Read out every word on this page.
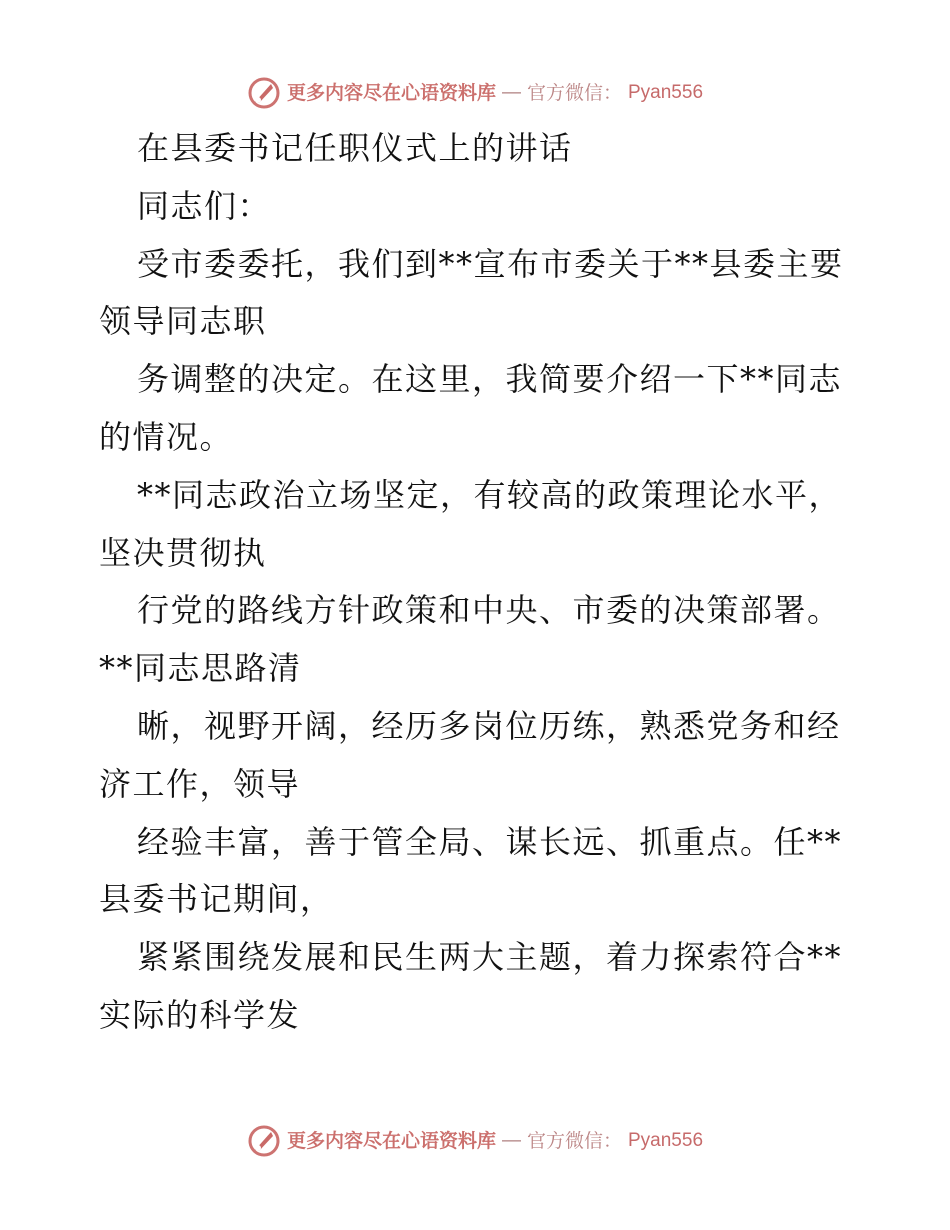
更多内容尽在心语资料库 — 官方微信： Pyan556
在县委书记任职仪式上的讲话
同志们：
受市委委托，我们到**宣布市委关于**县委主要
领导同志职
务调整的决定。在这里，我简要介绍一下**同志
的情况。
**同志政治立场坚定，有较高的政策理论水平，
坚决贯彻执
行党的路线方针政策和中央、市委的决策部署。
**同志思路清
晰，视野开阔，经历多岗位历练，熟悉党务和经
济工作，领导
经验丰富，善于管全局、谋长远、抓重点。任**
县委书记期间，
紧紧围绕发展和民生两大主题，着力探索符合**
实际的科学发
更多内容尽在心语资料库 — 官方微信： Pyan556
